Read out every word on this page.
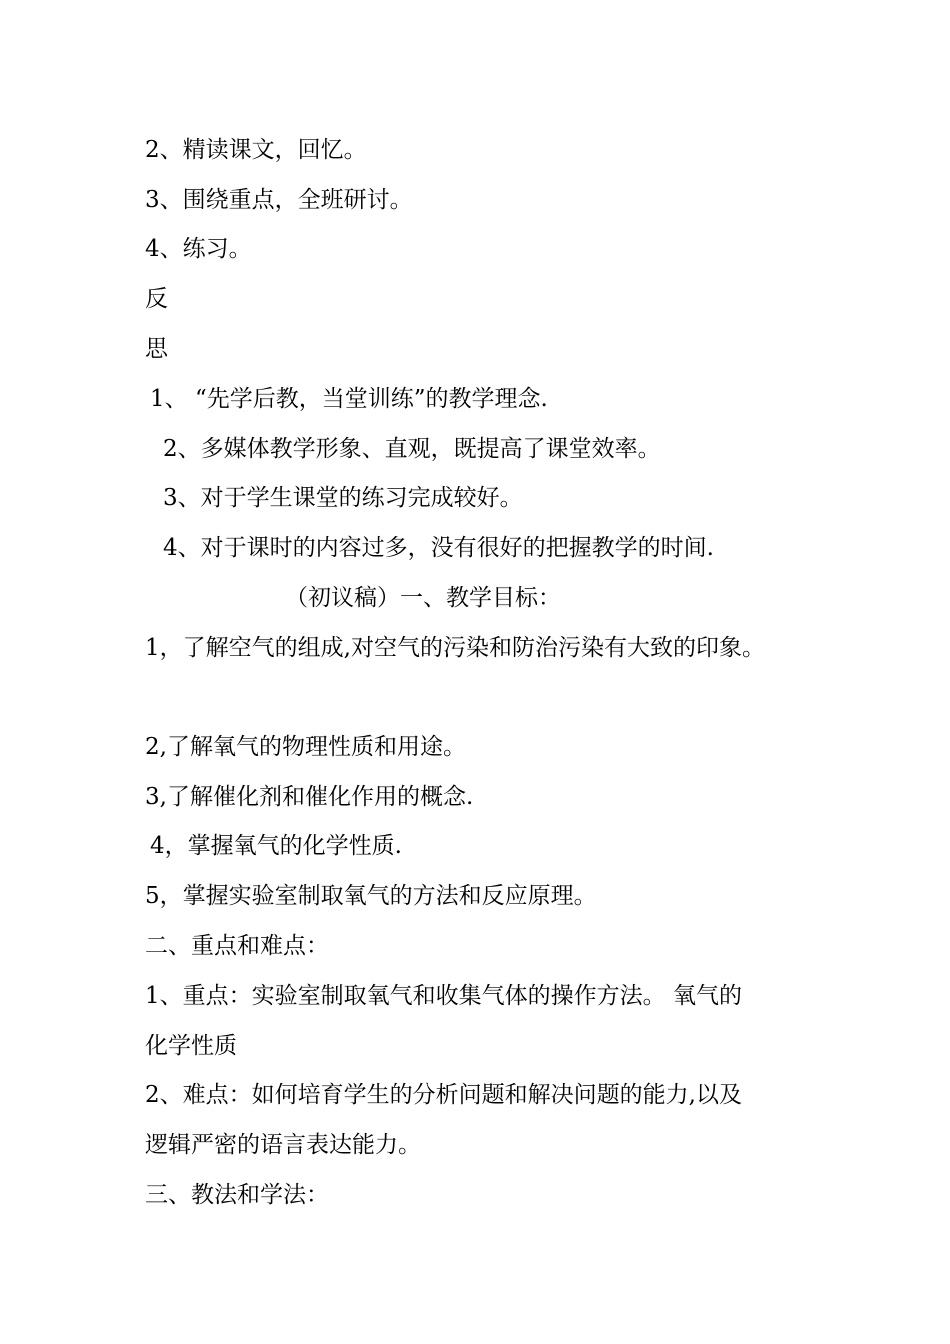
2、精读课文，回忆。
3、围绕重点，全班研讨。
4、练习。
反
思
1、 “先学后教，当堂训练”的教学理念.
2、多媒体教学形象、直观，既提高了课堂效率。
3、对于学生课堂的练习完成较好。
4、对于课时的内容过多，没有很好的把握教学的时间.
（初议稿）一、教学目标：
1，了解空气的组成,对空气的污染和防治污染有大致的印象。
2,了解氧气的物理性质和用途。
3,了解催化剂和催化作用的概念.
4，掌握氧气的化学性质.
5，掌握实验室制取氧气的方法和反应原理。
二、重点和难点：
1、重点：实验室制取氧气和收集气体的操作方法。 氧气的
化学性质
2、难点：如何培育学生的分析问题和解决问题的能力,以及
逻辑严密的语言表达能力。
三、教法和学法：
